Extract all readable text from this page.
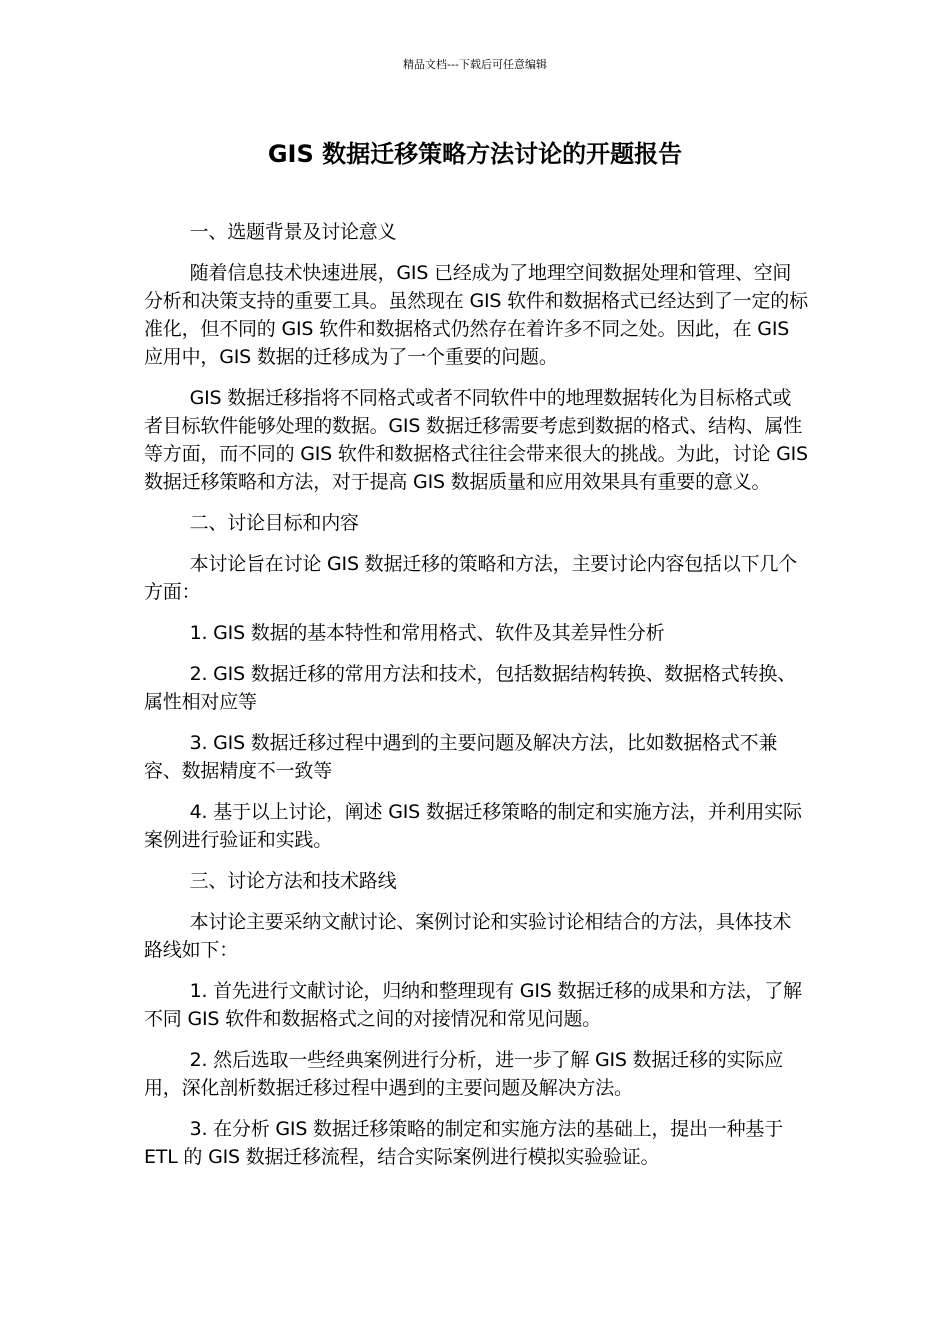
精品文档---下载后可任意编辑
GIS 数据迁移策略方法讨论的开题报告

一、选题背景及讨论意义

随着信息技术快速进展，GIS 已经成为了地理空间数据处理和管理、空间分析和决策支持的重要工具。虽然现在 GIS 软件和数据格式已经达到了一定的标准化，但不同的 GIS 软件和数据格式仍然存在着许多不同之处。因此，在 GIS 应用中，GIS 数据的迁移成为了一个重要的问题。

GIS 数据迁移指将不同格式或者不同软件中的地理数据转化为目标格式或者目标软件能够处理的数据。GIS 数据迁移需要考虑到数据的格式、结构、属性等方面，而不同的 GIS 软件和数据格式往往会带来很大的挑战。为此，讨论 GIS 数据迁移策略和方法，对于提高 GIS 数据质量和应用效果具有重要的意义。

二、讨论目标和内容

本讨论旨在讨论 GIS 数据迁移的策略和方法，主要讨论内容包括以下几个方面：

1. GIS 数据的基本特性和常用格式、软件及其差异性分析

2. GIS 数据迁移的常用方法和技术，包括数据结构转换、数据格式转换、属性相对应等

3. GIS 数据迁移过程中遇到的主要问题及解决方法，比如数据格式不兼容、数据精度不一致等

4. 基于以上讨论，阐述 GIS 数据迁移策略的制定和实施方法，并利用实际案例进行验证和实践。

三、讨论方法和技术路线

本讨论主要采纳文献讨论、案例讨论和实验讨论相结合的方法，具体技术路线如下：

1. 首先进行文献讨论，归纳和整理现有 GIS 数据迁移的成果和方法，了解不同 GIS 软件和数据格式之间的对接情况和常见问题。

2. 然后选取一些经典案例进行分析，进一步了解 GIS 数据迁移的实际应用，深化剖析数据迁移过程中遇到的主要问题及解决方法。

3. 在分析 GIS 数据迁移策略的制定和实施方法的基础上，提出一种基于 ETL 的 GIS 数据迁移流程，结合实际案例进行模拟实验验证。
